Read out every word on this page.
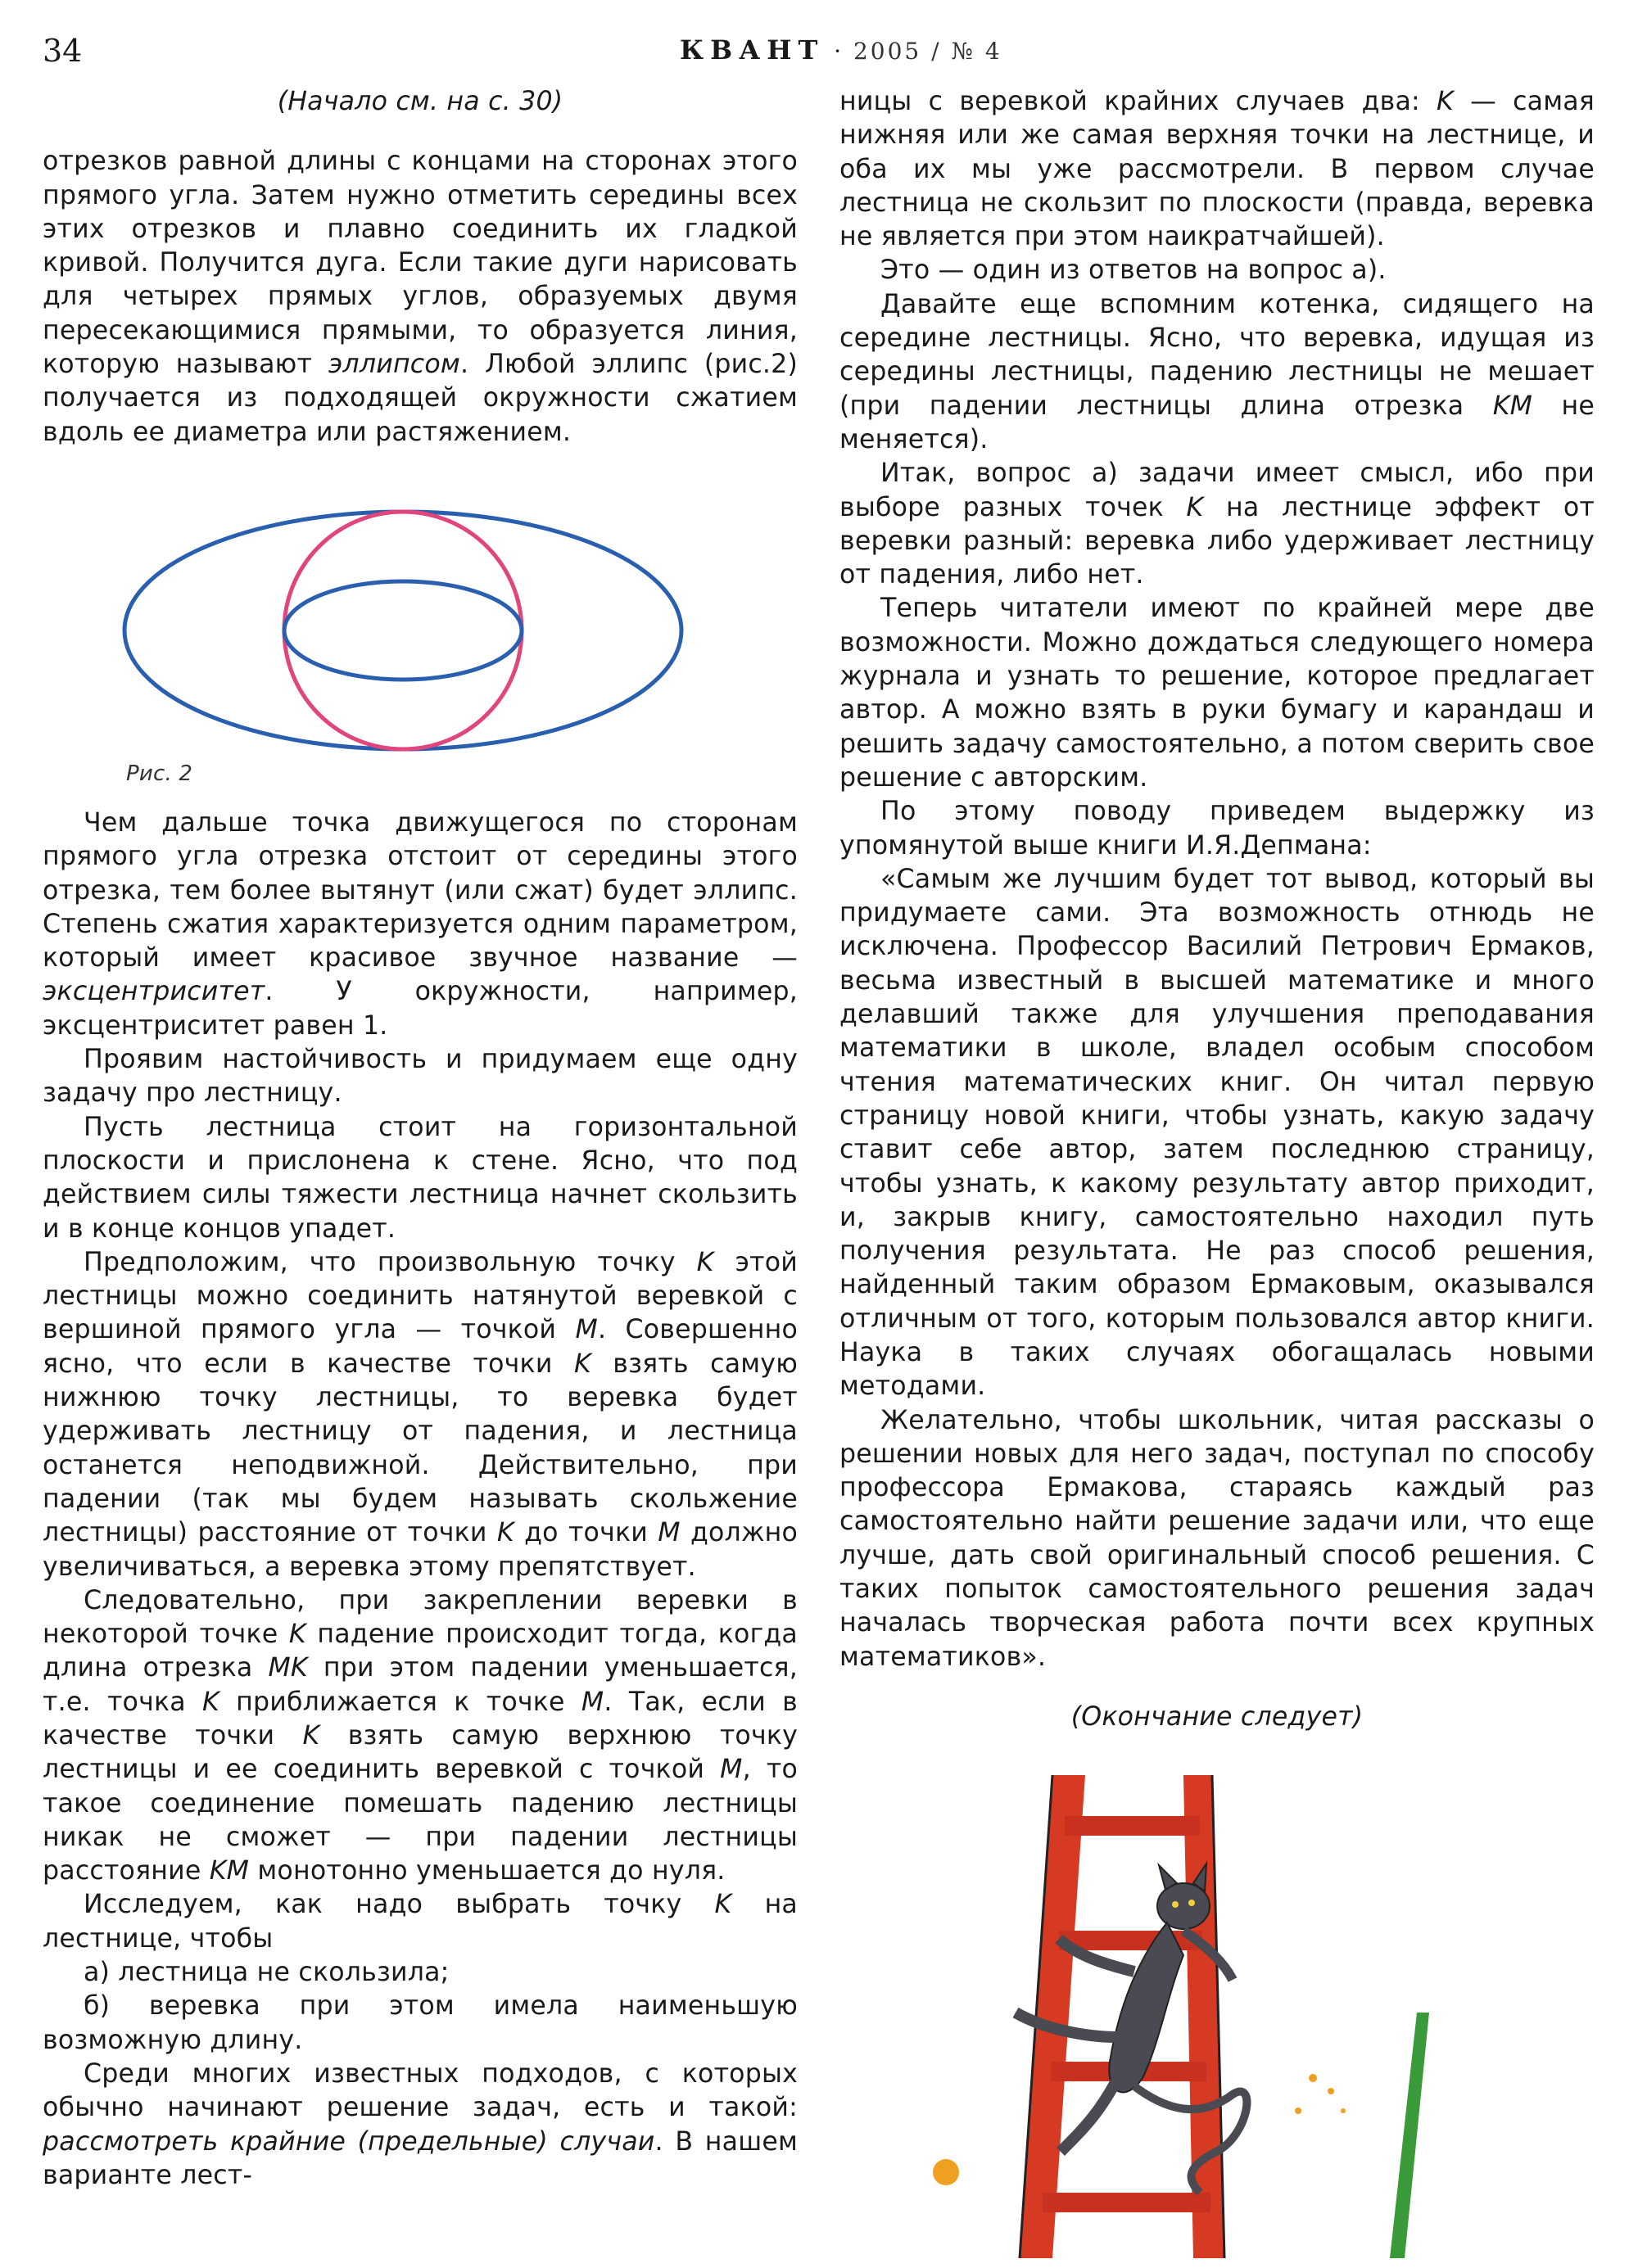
34	КВАНТ · 2005 / № 4

(Начало см. на с. 30)

отрезков равной длины с концами на сторонах этого прямого угла. Затем нужно отметить середины всех этих отрезков и плавно соединить их гладкой кривой. Получится дуга. Если такие дуги нарисовать для четырех прямых углов, образуемых двумя пересекающимися прямыми, то образуется линия, которую называют эллипсом. Любой эллипс (рис.2) получается из подходящей окружности сжатием вдоль ее диаметра или растяжением.

Рис. 2

Чем дальше точка движущегося по сторонам прямого угла отрезка отстоит от середины этого отрезка, тем более вытянут (или сжат) будет эллипс. Степень сжатия характеризуется одним параметром, который имеет красивое звучное название — эксцентриситет. У окружности, например, эксцентриситет равен 1.

Проявим настойчивость и придумаем еще одну задачу про лестницу.

Пусть лестница стоит на горизонтальной плоскости и прислонена к стене. Ясно, что под действием силы тяжести лестница начнет скользить и в конце концов упадет.

Предположим, что произвольную точку K этой лестницы можно соединить натянутой веревкой с вершиной прямого угла — точкой M. Совершенно ясно, что если в качестве точки K взять самую нижнюю точку лестницы, то веревка будет удерживать лестницу от падения, и лестница останется неподвижной. Действительно, при падении (так мы будем называть скольжение лестницы) расстояние от точки K до точки M должно увеличиваться, а веревка этому препятствует.

Следовательно, при закреплении веревки в некоторой точке K падение происходит тогда, когда длина отрезка MK при этом падении уменьшается, т.е. точка K приближается к точке M. Так, если в качестве точки K взять самую верхнюю точку лестницы и ее соединить веревкой с точкой M, то такое соединение помешать падению лестницы никак не сможет — при падении лестницы расстояние KM монотонно уменьшается до нуля.

Исследуем, как надо выбрать точку K на лестнице, чтобы

а) лестница не скользила;

б) веревка при этом имела наименьшую возможную длину.

Среди многих известных подходов, с которых обычно начинают решение задач, есть и такой: рассмотреть крайние (предельные) случаи. В нашем варианте лест-

ницы с веревкой крайних случаев два: K — самая нижняя или же самая верхняя точки на лестнице, и оба их мы уже рассмотрели. В первом случае лестница не скользит по плоскости (правда, веревка не является при этом наикратчайшей).

Это — один из ответов на вопрос а).

Давайте еще вспомним котенка, сидящего на середине лестницы. Ясно, что веревка, идущая из середины лестницы, падению лестницы не мешает (при падении лестницы длина отрезка KM не меняется).

Итак, вопрос а) задачи имеет смысл, ибо при выборе разных точек K на лестнице эффект от веревки разный: веревка либо удерживает лестницу от падения, либо нет.

Теперь читатели имеют по крайней мере две возможности. Можно дождаться следующего номера журнала и узнать то решение, которое предлагает автор. А можно взять в руки бумагу и карандаш и решить задачу самостоятельно, а потом сверить свое решение с авторским.

По этому поводу приведем выдержку из упомянутой выше книги И.Я.Депмана:

«Самым же лучшим будет тот вывод, который вы придумаете сами. Эта возможность отнюдь не исключена. Профессор Василий Петрович Ермаков, весьма известный в высшей математике и много делавший также для улучшения преподавания математики в школе, владел особым способом чтения математических книг. Он читал первую страницу новой книги, чтобы узнать, какую задачу ставит себе автор, затем последнюю страницу, чтобы узнать, к какому результату автор приходит, и, закрыв книгу, самостоятельно находил путь получения результата. Не раз способ решения, найденный таким образом Ермаковым, оказывался отличным от того, которым пользовался автор книги. Наука в таких случаях обогащалась новыми методами.

Желательно, чтобы школьник, читая рассказы о решении новых для него задач, поступал по способу профессора Ермакова, стараясь каждый раз самостоятельно найти решение задачи или, что еще лучше, дать свой оригинальный способ решения. С таких попыток самостоятельного решения задач началась творческая работа почти всех крупных математиков».

(Окончание следует)
